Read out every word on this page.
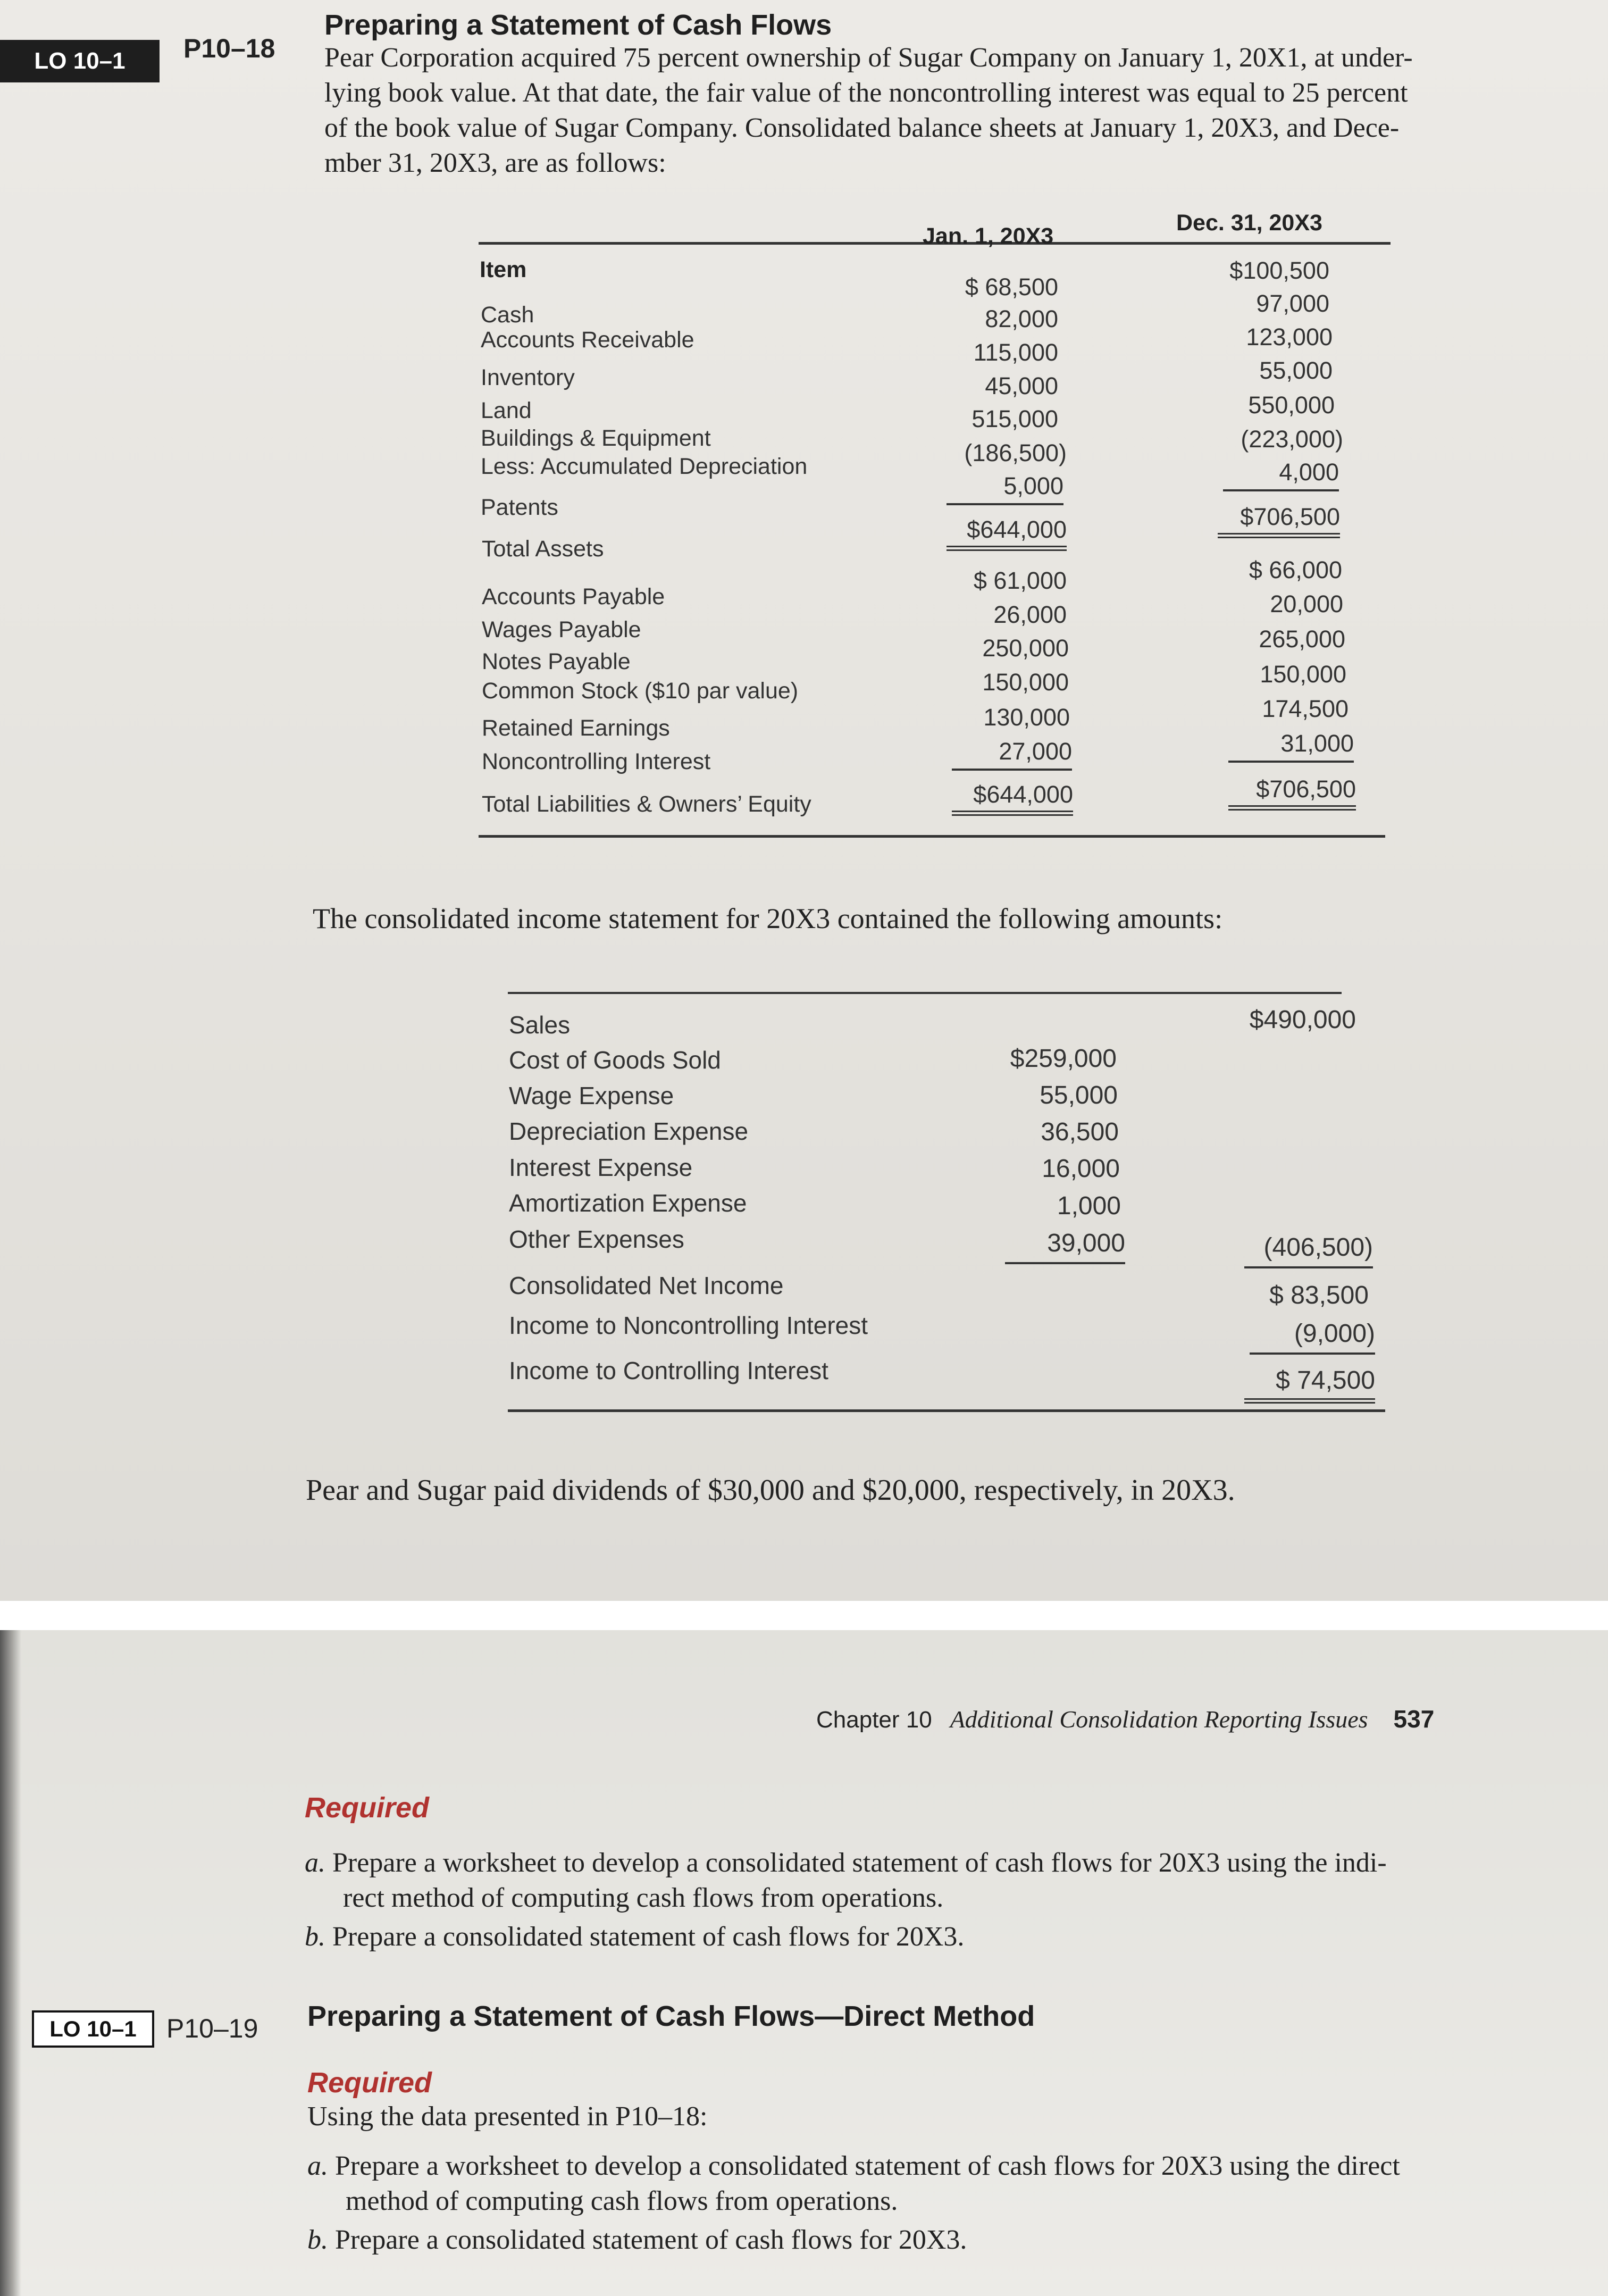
LO 10–1	P10–18
Preparing a Statement of Cash Flows
Pear Corporation acquired 75 percent ownership of Sugar Company on January 1, 20X1, at under-
lying book value. At that date, the fair value of the noncontrolling interest was equal to 25 percent
of the book value of Sugar Company. Consolidated balance sheets at January 1, 20X3, and Dece-
mber 31, 20X3, are as follows:
Item
Jan. 1, 20X3
Dec. 31, 20X3
Cash
Accounts Receivable
Inventory
Land
Buildings & Equipment
Less: Accumulated Depreciation
Patents
Total Assets
Accounts Payable
Wages Payable
Notes Payable
Common Stock ($10 par value)
Retained Earnings
Noncontrolling Interest
Total Liabilities & Owners’ Equity
$ 68,500
82,000
115,000
45,000
515,000
(186,500)
5,000
$644,000
$ 61,000
26,000
250,000
150,000
130,000
27,000
$644,000
$100,500
97,000
123,000
55,000
550,000
(223,000)
4,000
$706,500
$ 66,000
20,000
265,000
150,000
174,500
31,000
$706,500
The consolidated income statement for 20X3 contained the following amounts:
Sales
Cost of Goods Sold
Wage Expense
Depreciation Expense
Interest Expense
Amortization Expense
Other Expenses
Consolidated Net Income
Income to Noncontrolling Interest
Income to Controlling Interest
$259,000
55,000
36,500
16,000
1,000
39,000
$490,000
(406,500)
$ 83,500
(9,000)
$ 74,500
Pear and Sugar paid dividends of $30,000 and $20,000, respectively, in 20X3.
Chapter 10 Additional Consolidation Reporting Issues 537
Required
a. Prepare a worksheet to develop a consolidated statement of cash flows for 20X3 using the indi-
rect method of computing cash flows from operations.
b. Prepare a consolidated statement of cash flows for 20X3.
LO 10–1	P10–19 Preparing a Statement of Cash Flows—Direct Method
Required
Using the data presented in P10–18:
a. Prepare a worksheet to develop a consolidated statement of cash flows for 20X3 using the direct
method of computing cash flows from operations.
b. Prepare a consolidated statement of cash flows for 20X3.
